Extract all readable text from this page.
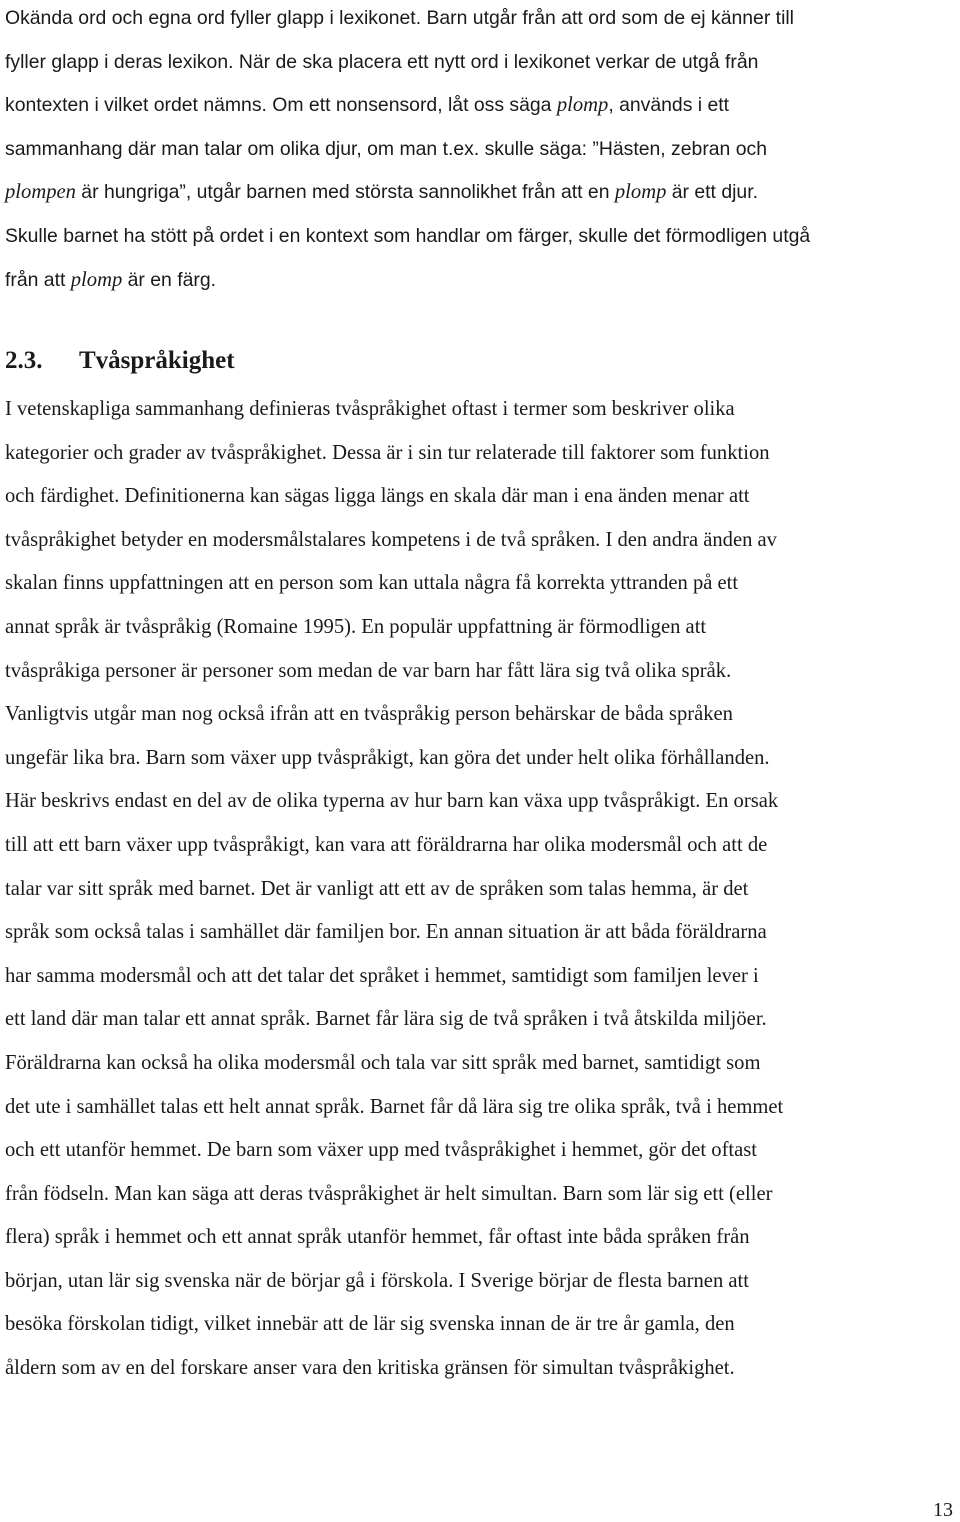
Okända ord och egna ord fyller glapp i lexikonet. Barn utgår från att ord som de ej känner till
fyller glapp i deras lexikon. När de ska placera ett nytt ord i lexikonet verkar de utgå från
kontexten i vilket ordet nämns. Om ett nonsensord, låt oss säga plomp, används i ett
sammanhang där man talar om olika djur, om man t.ex. skulle säga: ”Hästen, zebran och
plompen är hungriga”, utgår barnen med största sannolikhet från att en plomp är ett djur.
Skulle barnet ha stött på ordet i en kontext som handlar om färger, skulle det förmodligen utgå
från att plomp är en färg.

2.3. Tvåspråkighet

I vetenskapliga sammanhang definieras tvåspråkighet oftast i termer som beskriver olika
kategorier och grader av tvåspråkighet. Dessa är i sin tur relaterade till faktorer som funktion
och färdighet. Definitionerna kan sägas ligga längs en skala där man i ena änden menar att
tvåspråkighet betyder en modersmålstalares kompetens i de två språken. I den andra änden av
skalan finns uppfattningen att en person som kan uttala några få korrekta yttranden på ett
annat språk är tvåspråkig (Romaine 1995). En populär uppfattning är förmodligen att
tvåspråkiga personer är personer som medan de var barn har fått lära sig två olika språk.
Vanligtvis utgår man nog också ifrån att en tvåspråkig person behärskar de båda språken
ungefär lika bra. Barn som växer upp tvåspråkigt, kan göra det under helt olika förhållanden.
Här beskrivs endast en del av de olika typerna av hur barn kan växa upp tvåspråkigt. En orsak
till att ett barn växer upp tvåspråkigt, kan vara att föräldrarna har olika modersmål och att de
talar var sitt språk med barnet. Det är vanligt att ett av de språken som talas hemma, är det
språk som också talas i samhället där familjen bor. En annan situation är att båda föräldrarna
har samma modersmål och att det talar det språket i hemmet, samtidigt som familjen lever i
ett land där man talar ett annat språk. Barnet får lära sig de två språken i två åtskilda miljöer.
Föräldrarna kan också ha olika modersmål och tala var sitt språk med barnet, samtidigt som
det ute i samhället talas ett helt annat språk. Barnet får då lära sig tre olika språk, två i hemmet
och ett utanför hemmet. De barn som växer upp med tvåspråkighet i hemmet, gör det oftast
från födseln. Man kan säga att deras tvåspråkighet är helt simultan. Barn som lär sig ett (eller
flera) språk i hemmet och ett annat språk utanför hemmet, får oftast inte båda språken från
början, utan lär sig svenska när de börjar gå i förskola. I Sverige börjar de flesta barnen att
besöka förskolan tidigt, vilket innebär att de lär sig svenska innan de är tre år gamla, den
åldern som av en del forskare anser vara den kritiska gränsen för simultan tvåspråkighet.

13
